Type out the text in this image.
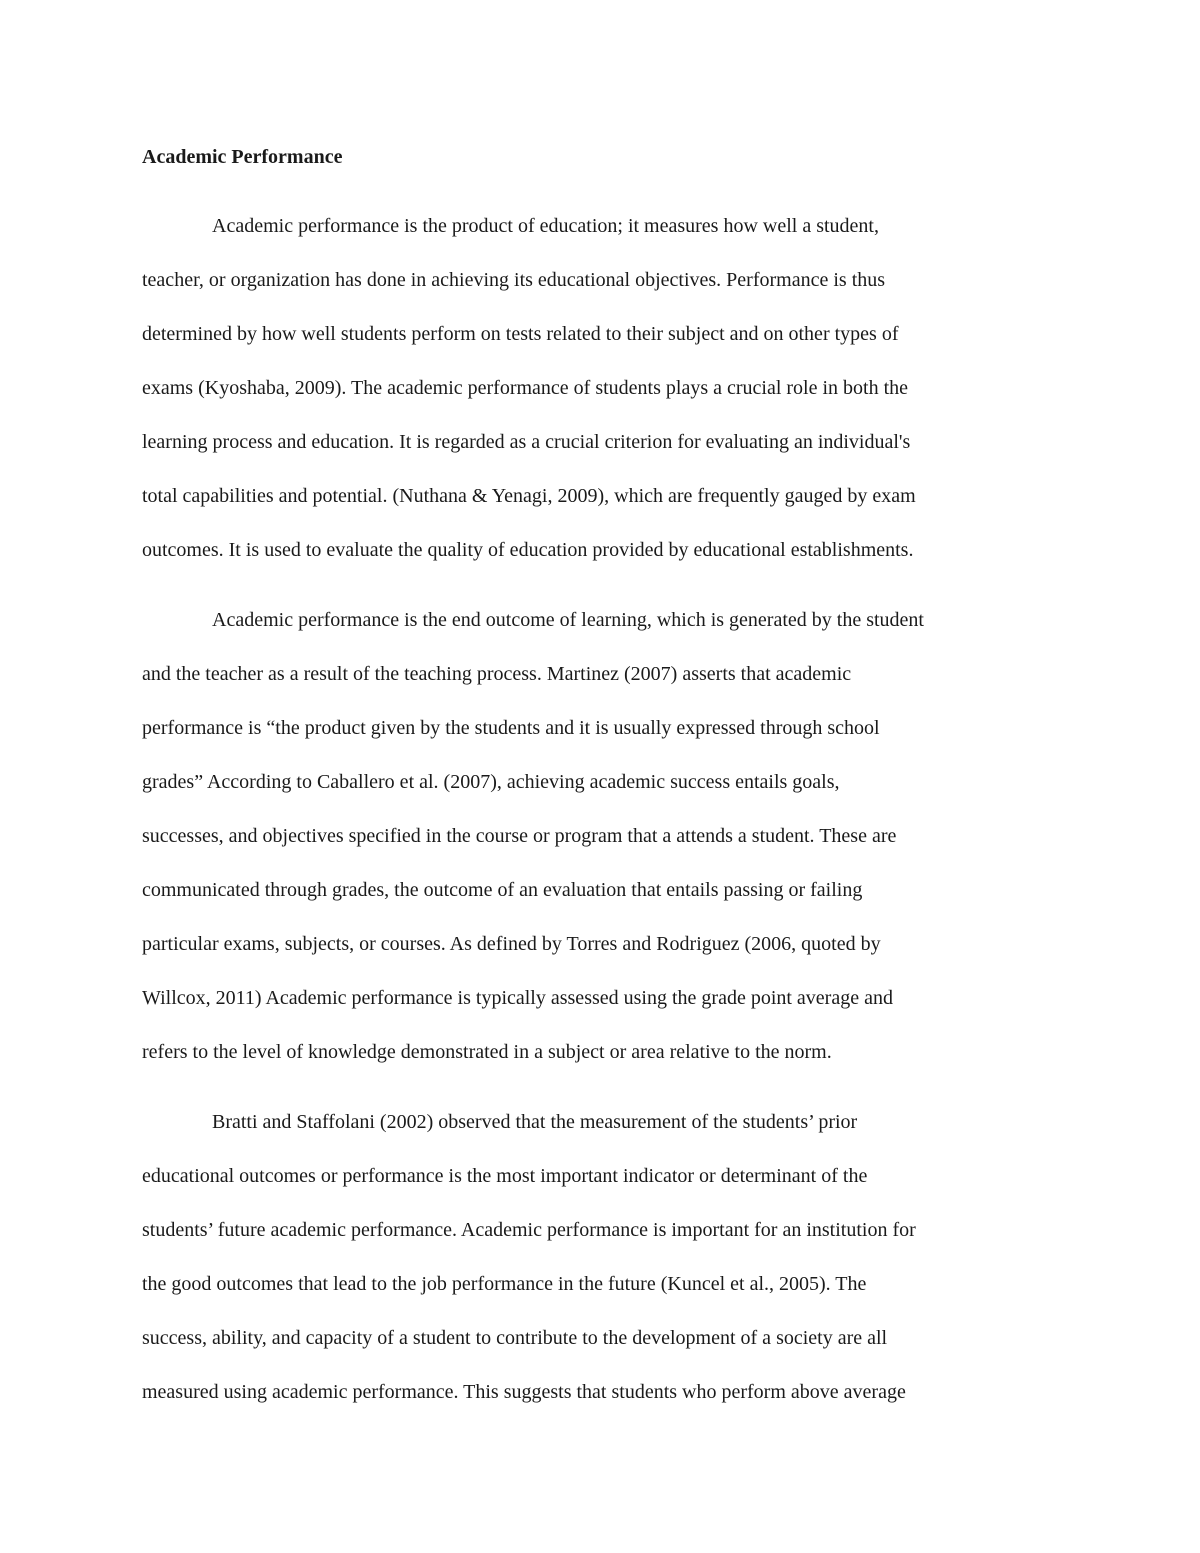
Academic Performance
Academic performance is the product of education; it measures how well a student,
teacher, or organization has done in achieving its educational objectives. Performance is thus
determined by how well students perform on tests related to their subject and on other types of
exams (Kyoshaba, 2009). The academic performance of students plays a crucial role in both the
learning process and education. It is regarded as a crucial criterion for evaluating an individual's
total capabilities and potential. (Nuthana & Yenagi, 2009), which are frequently gauged by exam
outcomes. It is used to evaluate the quality of education provided by educational establishments.
Academic performance is the end outcome of learning, which is generated by the student
and the teacher as a result of the teaching process. Martinez (2007) asserts that academic
performance is “the product given by the students and it is usually expressed through school
grades” According to Caballero et al. (2007), achieving academic success entails goals,
successes, and objectives specified in the course or program that a attends a student. These are
communicated through grades, the outcome of an evaluation that entails passing or failing
particular exams, subjects, or courses. As defined by Torres and Rodriguez (2006, quoted by
Willcox, 2011) Academic performance is typically assessed using the grade point average and
refers to the level of knowledge demonstrated in a subject or area relative to the norm.
Bratti and Staffolani (2002) observed that the measurement of the students’ prior
educational outcomes or performance is the most important indicator or determinant of the
students’ future academic performance. Academic performance is important for an institution for
the good outcomes that lead to the job performance in the future (Kuncel et al., 2005). The
success, ability, and capacity of a student to contribute to the development of a society are all
measured using academic performance. This suggests that students who perform above average
